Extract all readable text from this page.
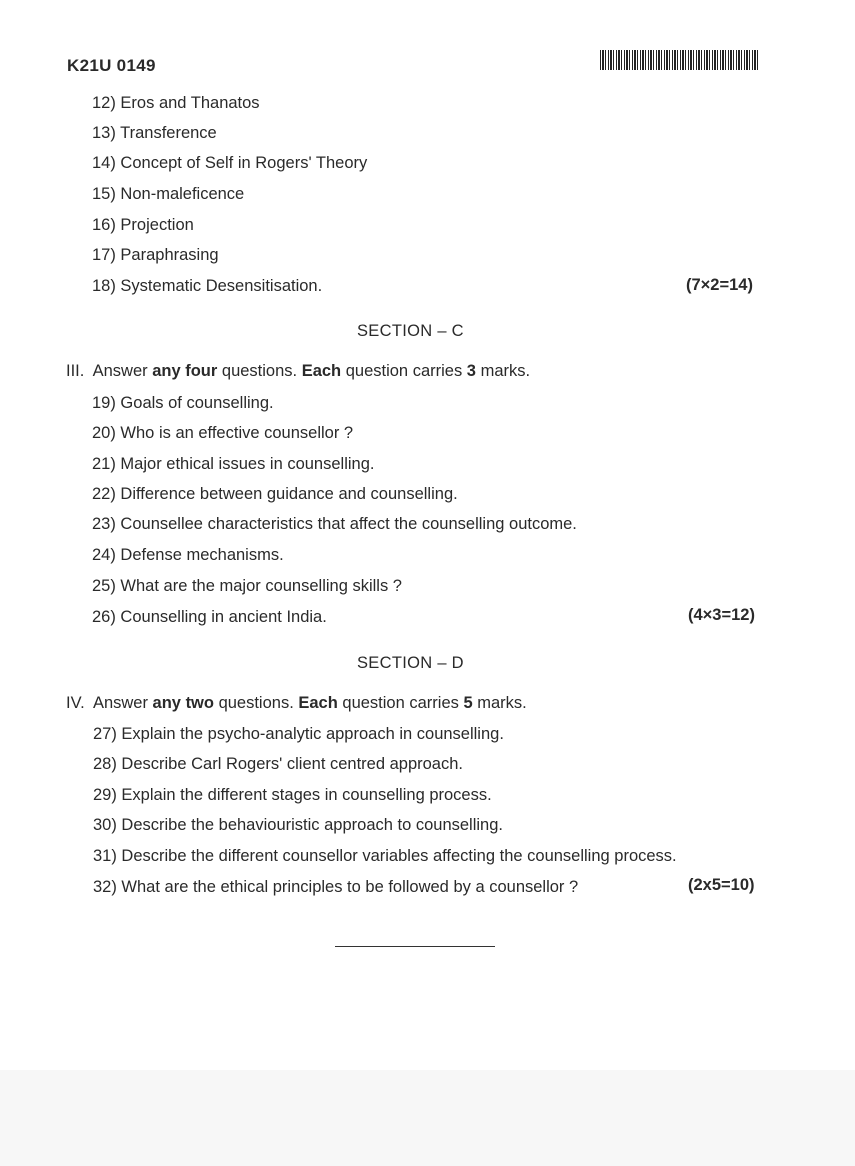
K21U 0149
12) Eros and Thanatos
13) Transference
14) Concept of Self in Rogers' Theory
15) Non-maleficence
16) Projection
17) Paraphrasing
18) Systematic Desensitisation.	(7×2=14)
SECTION – C
III. Answer any four questions. Each question carries 3 marks.
19) Goals of counselling.
20) Who is an effective counsellor ?
21) Major ethical issues in counselling.
22) Difference between guidance and counselling.
23) Counsellee characteristics that affect the counselling outcome.
24) Defense mechanisms.
25) What are the major counselling skills ?
26) Counselling in ancient India.	(4×3=12)
SECTION – D
IV. Answer any two questions. Each question carries 5 marks.
27) Explain the psycho-analytic approach in counselling.
28) Describe Carl Rogers' client centred approach.
29) Explain the different stages in counselling process.
30) Describe the behaviouristic approach to counselling.
31) Describe the different counsellor variables affecting the counselling process.
32) What are the ethical principles to be followed by a counsellor ?	(2x5=10)
